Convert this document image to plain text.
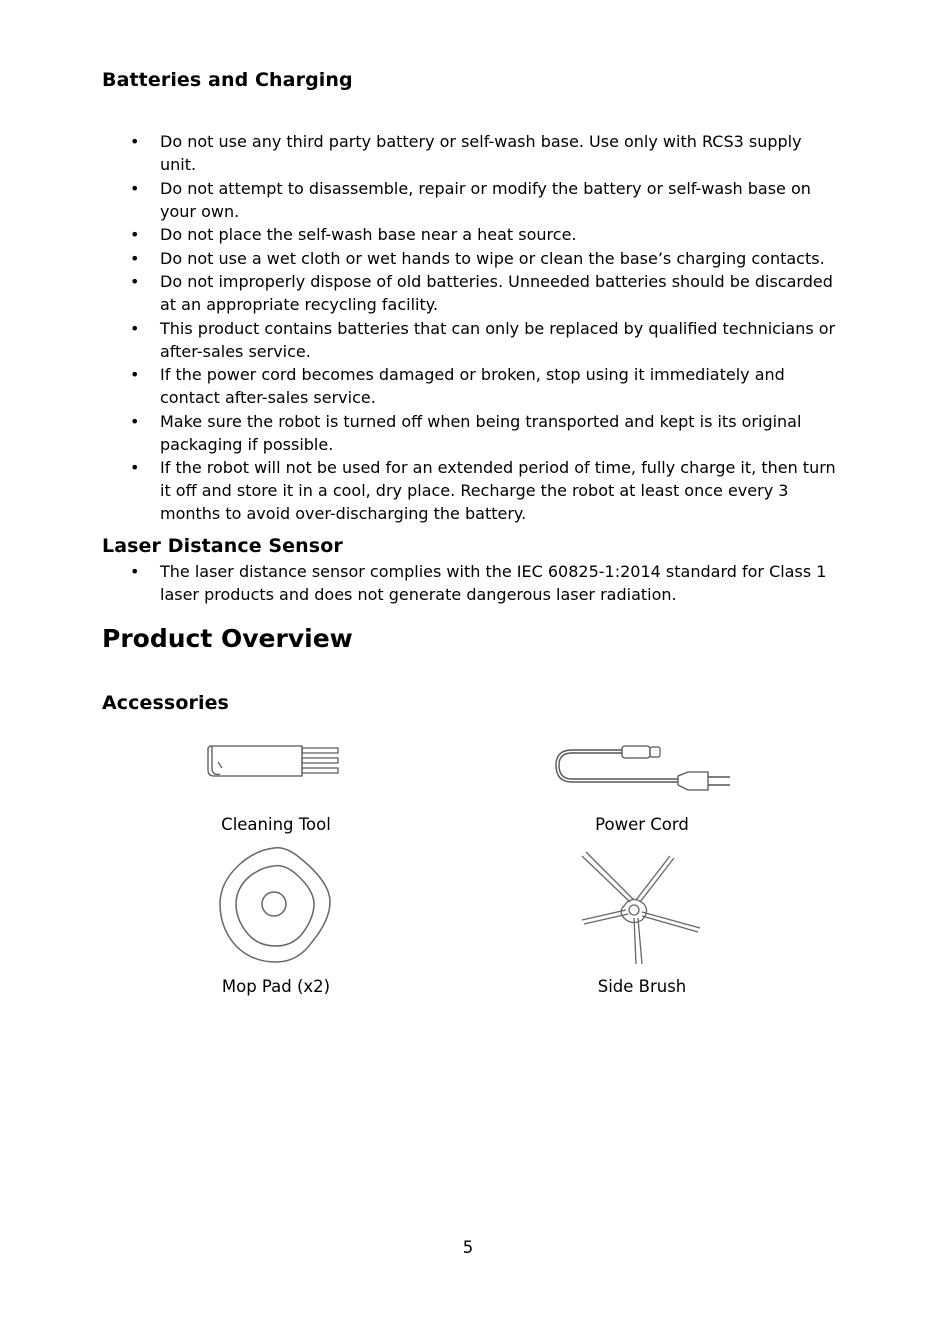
Batteries and Charging
• Do not use any third party battery or self-wash base. Use only with RCS3 supply unit.
• Do not attempt to disassemble, repair or modify the battery or self-wash base on your own.
• Do not place the self-wash base near a heat source.
• Do not use a wet cloth or wet hands to wipe or clean the base’s charging contacts.
• Do not improperly dispose of old batteries. Unneeded batteries should be discarded at an appropriate recycling facility.
• This product contains batteries that can only be replaced by qualified technicians or after-sales service.
• If the power cord becomes damaged or broken, stop using it immediately and contact after-sales service.
• Make sure the robot is turned off when being transported and kept is its original packaging if possible.
• If the robot will not be used for an extended period of time, fully charge it, then turn it off and store it in a cool, dry place. Recharge the robot at least once every 3 months to avoid over-discharging the battery.
Laser Distance Sensor
• The laser distance sensor complies with the IEC 60825-1:2014 standard for Class 1 laser products and does not generate dangerous laser radiation.
Product Overview
Accessories
Cleaning Tool	Power Cord
Mop Pad (x2)	Side Brush
5
